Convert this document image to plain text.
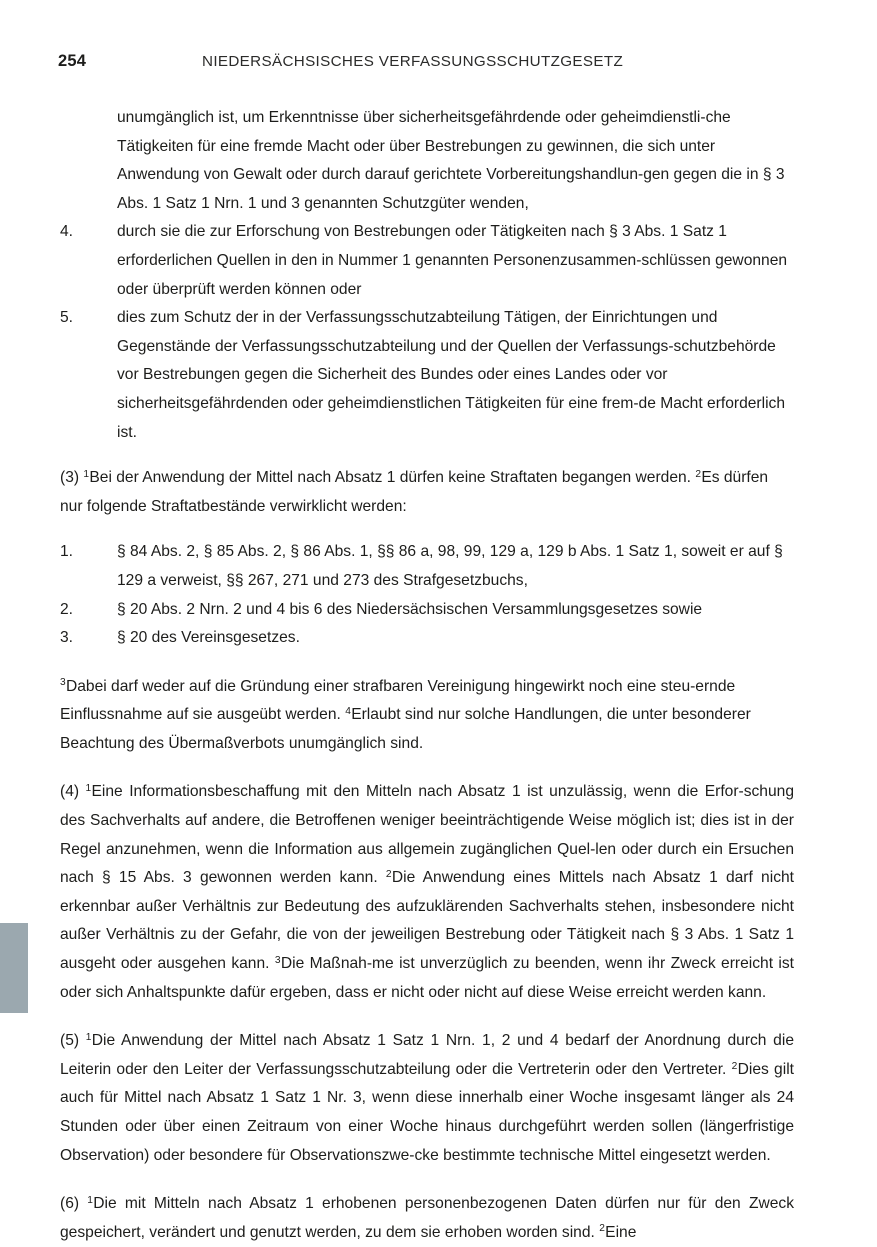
254	NIEDERSÄCHSISCHES VERFASSUNGSSCHUTZGESETZ
unumgänglich ist, um Erkenntnisse über sicherheitsgefährdende oder geheimdienstli-che Tätigkeiten für eine fremde Macht oder über Bestrebungen zu gewinnen, die sich unter Anwendung von Gewalt oder durch darauf gerichtete Vorbereitungshandlun-gen gegen die in § 3 Abs. 1 Satz 1 Nrn. 1 und 3 genannten Schutzgüter wenden,
4.	durch sie die zur Erforschung von Bestrebungen oder Tätigkeiten nach § 3 Abs. 1 Satz 1 erforderlichen Quellen in den in Nummer 1 genannten Personenzusammen-schlüssen gewonnen oder überprüft werden können oder
5.	dies zum Schutz der in der Verfassungsschutzabteilung Tätigen, der Einrichtungen und Gegenstände der Verfassungsschutzabteilung und der Quellen der Verfassungs-schutzbehörde vor Bestrebungen gegen die Sicherheit des Bundes oder eines Landes oder vor sicherheitsgefährdenden oder geheimdienstlichen Tätigkeiten für eine frem-de Macht erforderlich ist.

(3) $^1$Bei der Anwendung der Mittel nach Absatz 1 dürfen keine Straftaten begangen werden. $^2$Es dürfen nur folgende Straftatbestände verwirklicht werden:

1.	§ 84 Abs. 2, § 85 Abs. 2, § 86 Abs. 1, §§ 86 a, 98, 99, 129 a, 129 b Abs. 1 Satz 1, soweit er auf § 129 a verweist, §§ 267, 271 und 273 des Strafgesetzbuchs,
2.	§ 20 Abs. 2 Nrn. 2 und 4 bis 6 des Niedersächsischen Versammlungsgesetzes sowie
3.	§ 20 des Vereinsgesetzes.

$^3$Dabei darf weder auf die Gründung einer strafbaren Vereinigung hingewirkt noch eine steu-ernde Einflussnahme auf sie ausgeübt werden. $^4$Erlaubt sind nur solche Handlungen, die unter besonderer Beachtung des Übermaßverbots unumgänglich sind.

(4) $^1$Eine Informationsbeschaffung mit den Mitteln nach Absatz 1 ist unzulässig, wenn die Erfor-schung des Sachverhalts auf andere, die Betroffenen weniger beeinträchtigende Weise möglich ist; dies ist in der Regel anzunehmen, wenn die Information aus allgemein zugänglichen Quel-len oder durch ein Ersuchen nach § 15 Abs. 3 gewonnen werden kann. $^2$Die Anwendung eines Mittels nach Absatz 1 darf nicht erkennbar außer Verhältnis zur Bedeutung des aufzuklärenden Sachverhalts stehen, insbesondere nicht außer Verhältnis zu der Gefahr, die von der jeweiligen Bestrebung oder Tätigkeit nach § 3 Abs. 1 Satz 1 ausgeht oder ausgehen kann. $^3$Die Maßnah-me ist unverzüglich zu beenden, wenn ihr Zweck erreicht ist oder sich Anhaltspunkte dafür ergeben, dass er nicht oder nicht auf diese Weise erreicht werden kann.

(5) $^1$Die Anwendung der Mittel nach Absatz 1 Satz 1 Nrn. 1, 2 und 4 bedarf der Anordnung durch die Leiterin oder den Leiter der Verfassungsschutzabteilung oder die Vertreterin oder den Vertreter. $^2$Dies gilt auch für Mittel nach Absatz 1 Satz 1 Nr. 3, wenn diese innerhalb einer Woche insgesamt länger als 24 Stunden oder über einen Zeitraum von einer Woche hinaus durchgeführt werden sollen (längerfristige Observation) oder besondere für Observationszwe-cke bestimmte technische Mittel eingesetzt werden.

(6) $^1$Die mit Mitteln nach Absatz 1 erhobenen personenbezogenen Daten dürfen nur für den Zweck gespeichert, verändert und genutzt werden, zu dem sie erhoben worden sind. $^2$Eine
